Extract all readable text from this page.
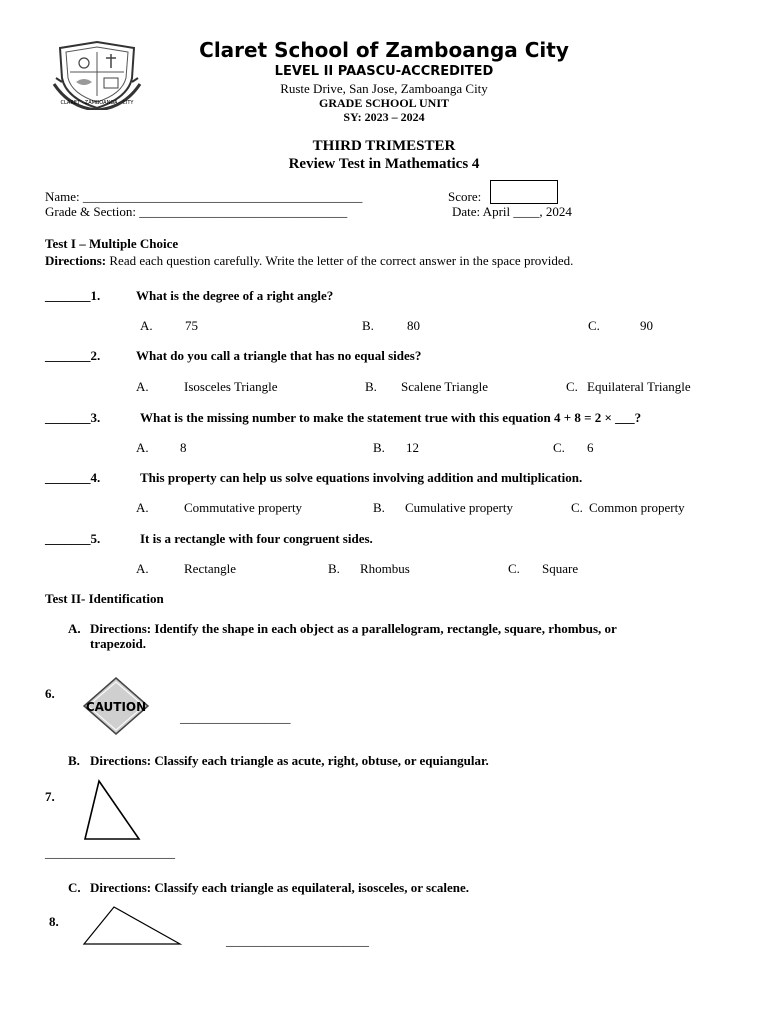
CLARET · ZAMBOANGA · CITY
Claret School of Zamboanga City
LEVEL II PAASCU-ACCREDITED
Ruste Drive, San Jose, Zamboanga City
GRADE SCHOOL UNIT
SY: 2023 – 2024
THIRD TRIMESTER
Review Test in Mathematics 4
Name: ___________________________________________	Score:
Grade & Section: ________________________________	Date: April ____, 2024
Test I – Multiple Choice
Directions: Read each question carefully. Write the letter of the correct answer in the space provided.
_______1.	What is the degree of a right angle?
A. 75	B.	80	C.	90
_______2.	What do you call a triangle that has no equal sides?
A.	Isosceles Triangle	B. Scalene Triangle	C. Equilateral Triangle
_______3.	What is the missing number to make the statement true with this equation 4 + 8 = 2 × ___?
A. 8	B. 12	C. 6
_______4.	This property can help us solve equations involving addition and multiplication.
A.	Commutative property	B. Cumulative property	C. Common property
_______5.	It is a rectangle with four congruent sides.
A.	Rectangle	B. Rhombus	C. Square
Test II- Identification
A. Directions: Identify the shape in each object as a parallelogram, rectangle, square, rhombus, or
trapezoid.
6.
CAUTION
_________________
B. Directions: Classify each triangle as acute, right, obtuse, or equiangular.
7.
____________________
C. Directions: Classify each triangle as equilateral, isosceles, or scalene.
8.
______________________
